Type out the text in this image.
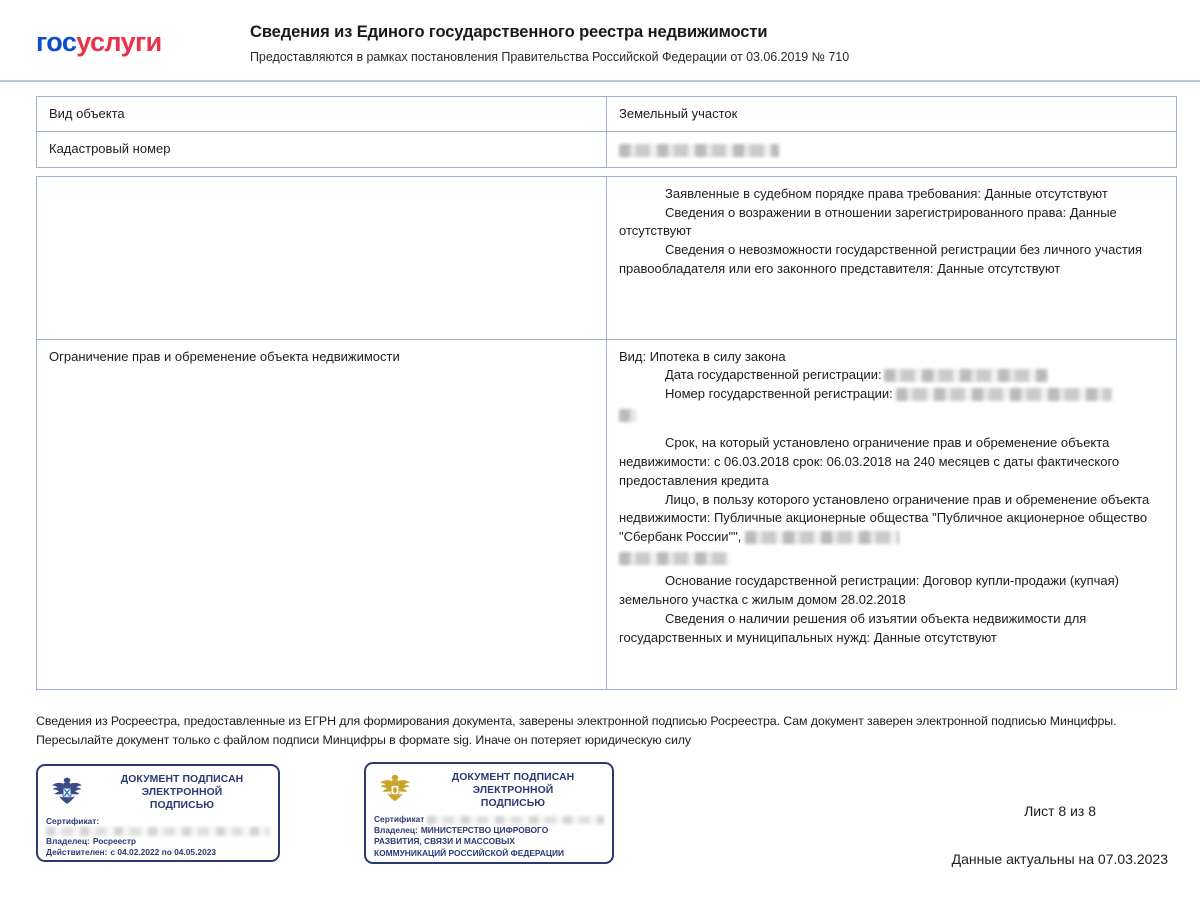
госуслуги	Сведения из Единого государственного реестра недвижимости

Предоставляются в рамках постановления Правительства Российской Федерации от 03.06.2019 № 710

Вид объекта	Земельный участок
Кадастровый номер	

	Заявленные в судебном порядке права требования: Данные отсутствуют

Сведения о возражении в отношении зарегистрированного права: Данные отсутствуют

Сведения о невозможности государственной регистрации без личного участия правообладателя или его законного представителя: Данные отсутствуют

Ограничение прав и обременение объекта недвижимости	Вид: Ипотека в силу закона

Дата государственной регистрации:

Номер государственной регистрации:

Срок, на который установлено ограничение прав и обременение объекта недвижимости: с 06.03.2018 срок: 06.03.2018 на 240 месяцев с даты фактического предоставления кредита

Лицо, в пользу которого установлено ограничение прав и обременение объекта недвижимости: Публичные акционерные общества "Публичное акционерное общество "Сбербанк России"",

Основание государственной регистрации: Договор купли-продажи (купчая) земельного участка с жилым домом 28.02.2018

Сведения о наличии решения об изъятии объекта недвижимости для государственных и муниципальных нужд: Данные отсутствуют

Сведения из Росреестра, предоставленные из ЕГРН для формирования документа, заверены электронной подписью Росреестра. Сам документ заверен электронной подписью Минцифры. Пересылайте документ только с файлом подписи Минцифры в формате sig. Иначе он потеряет юридическую силу
ДОКУМЕНТ ПОДПИСАН
ЭЛЕКТРОННОЙ
ПОДПИСЬЮ
Сертификат:
Владелец: Росреестр
Действителен: с 04.02.2022 по 04.05.2023
ДОКУМЕНТ ПОДПИСАН
ЭЛЕКТРОННОЙ
ПОДПИСЬЮ
Сертификат
Владелец: МИНИСТЕРСТВО ЦИФРОВОГО
РАЗВИТИЯ, СВЯЗИ И МАССОВЫХ
КОММУНИКАЦИЙ РОССИЙСКОЙ ФЕДЕРАЦИИ

Лист 8 из 8

Данные актуальны на 07.03.2023
